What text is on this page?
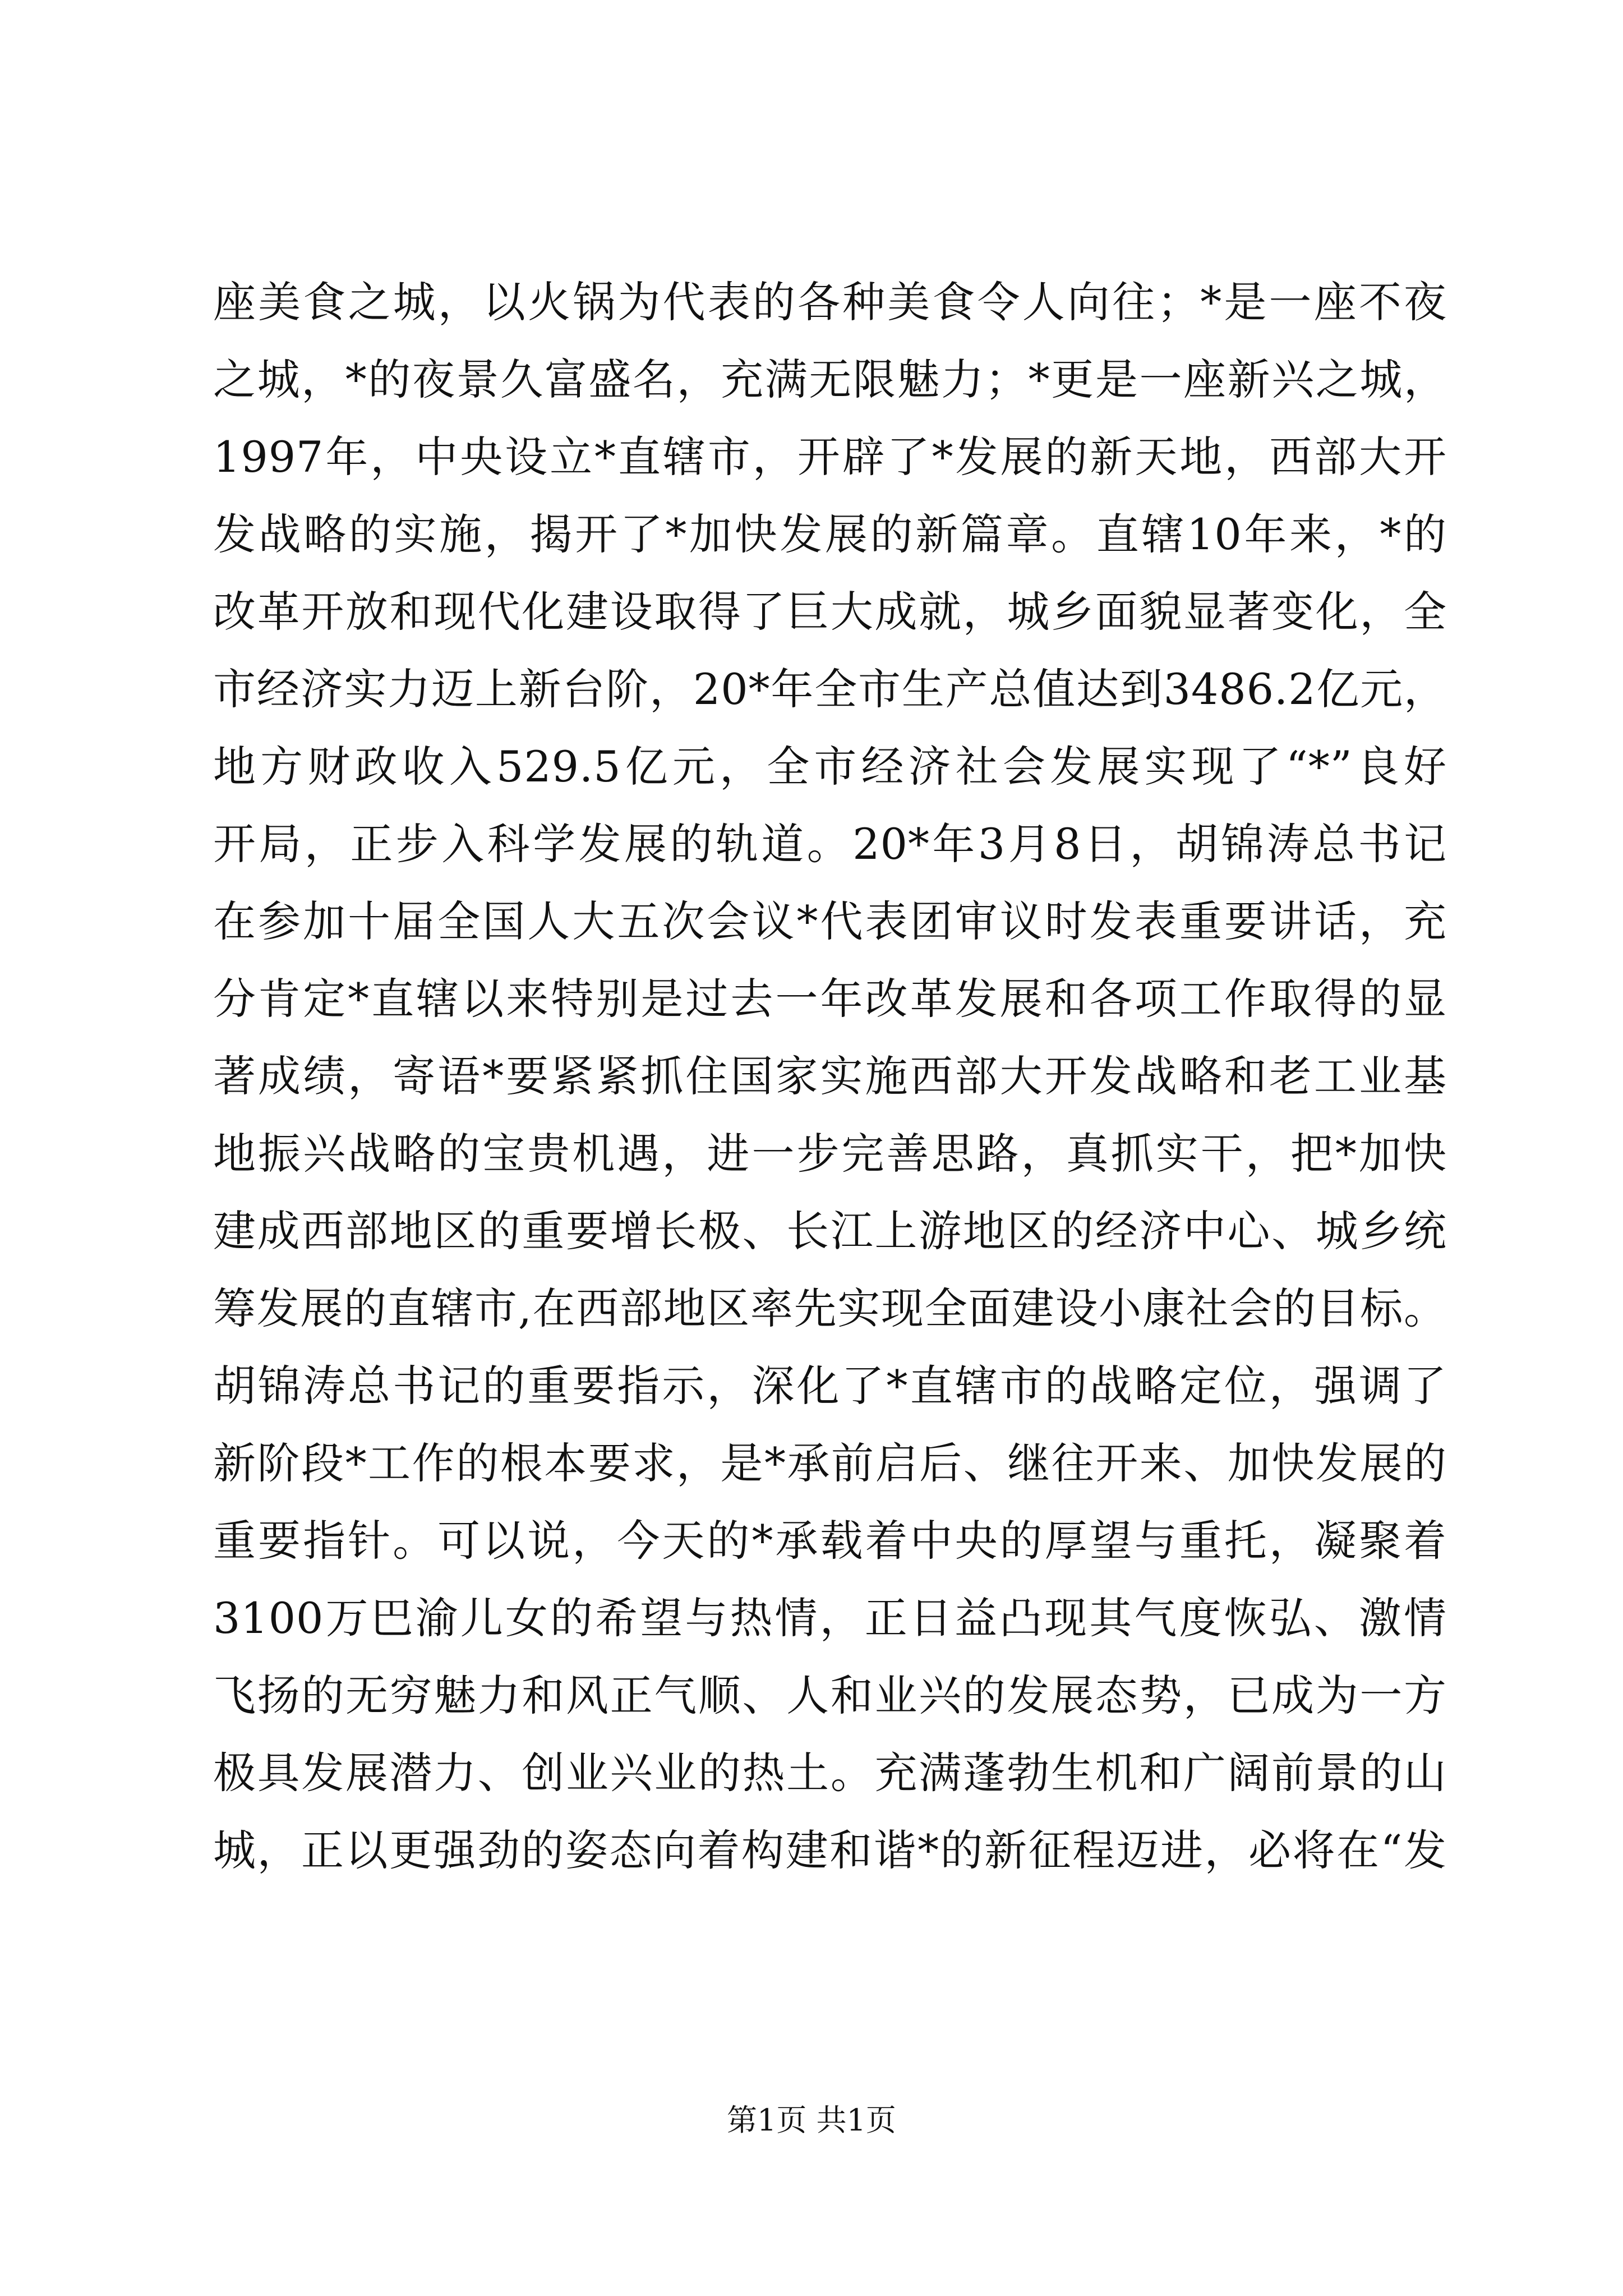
座美食之城，以火锅为代表的各种美食令人向往；*是一座不夜
之城，*的夜景久富盛名，充满无限魅力；*更是一座新兴之城，
1997年，中央设立*直辖市，开辟了*发展的新天地，西部大开
发战略的实施，揭开了*加快发展的新篇章。直辖10年来，*的
改革开放和现代化建设取得了巨大成就，城乡面貌显著变化，全
市经济实力迈上新台阶，20*年全市生产总值达到3486.2亿元，
地方财政收入529.5亿元，全市经济社会发展实现了“*”良好
开局，正步入科学发展的轨道。20*年3月8日，胡锦涛总书记
在参加十届全国人大五次会议*代表团审议时发表重要讲话，充
分肯定*直辖以来特别是过去一年改革发展和各项工作取得的显
著成绩，寄语*要紧紧抓住国家实施西部大开发战略和老工业基
地振兴战略的宝贵机遇，进一步完善思路，真抓实干，把*加快
建成西部地区的重要增长极、长江上游地区的经济中心、城乡统
筹发展的直辖市,在西部地区率先实现全面建设小康社会的目标。
胡锦涛总书记的重要指示，深化了*直辖市的战略定位，强调了
新阶段*工作的根本要求，是*承前启后、继往开来、加快发展的
重要指针。可以说，今天的*承载着中央的厚望与重托，凝聚着
3100万巴渝儿女的希望与热情，正日益凸现其气度恢弘、激情
飞扬的无穷魅力和风正气顺、人和业兴的发展态势，已成为一方
极具发展潜力、创业兴业的热土。充满蓬勃生机和广阔前景的山
城，正以更强劲的姿态向着构建和谐*的新征程迈进，必将在“发
第1页 共1页
